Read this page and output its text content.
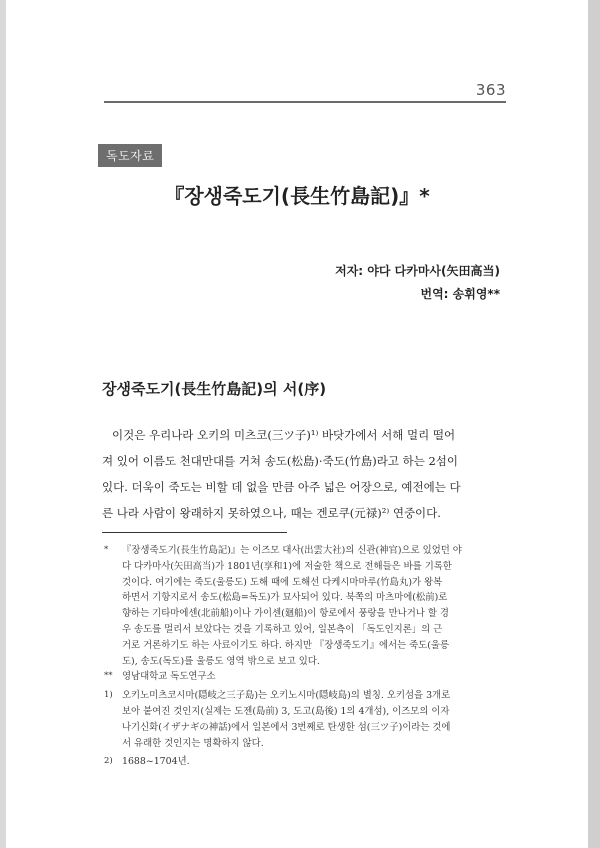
363
독도자료
『장생죽도기(長生竹島記)』*
저자: 야다 다카마사(矢田高当)
번역: 송휘영**
장생죽도기(長生竹島記)의 서(序)

이것은 우리나라 오키의 미츠코(三ツ子)¹⁾ 바닷가에서 서해 멀리 떨어
져 있어 이름도 천대만대를 거쳐 송도(松島)·죽도(竹島)라고 하는 2섬이
있다. 더욱이 죽도는 비할 데 없을 만큼 아주 넓은 어장으로, 예전에는 다
른 나라 사람이 왕래하지 못하였으나, 때는 겐로쿠(元禄)²⁾ 연중이다.

*	『장생죽도기(長生竹島記)』는 이즈모 대사(出雲大社)의 신관(神官)으로 있었던 야
다 다카마사(矢田高当)가 1801년(享和1)에 저술한 책으로 전해들은 바를 기록한
것이다. 여기에는 죽도(울릉도) 도해 때에 도해선 다케시마마루(竹島丸)가 왕복
하면서 기항지로서 송도(松島=독도)가 묘사되어 있다. 북쪽의 마츠마에(松前)로
향하는 기타마에센(北前船)이나 가이센(廻船)이 항로에서 풍랑을 만나거나 할 경
우 송도를 멀리서 보았다는 것을 기록하고 있어, 일본측이 「독도인지론」의 근
거로 거론하기도 하는 사료이기도 하다. 하지만 『장생죽도기』에서는 죽도(울릉
도), 송도(독도)를 울릉도 영역 밖으로 보고 있다.
**	영남대학교 독도연구소
1) 오키노미츠코시마(隠岐之三子島)는 오키노시마(隠岐島)의 별칭. 오키섬을 3개로
보아 붙여진 것인지(실제는 도젠(島前) 3, 도고(島後) 1의 4개섬), 이즈모의 이자
나기신화(イザナギの神話)에서 일본에서 3번째로 탄생한 섬(三ツ子)이라는 것에
서 유래한 것인지는 명확하지 않다.
2) 1688~1704년.
